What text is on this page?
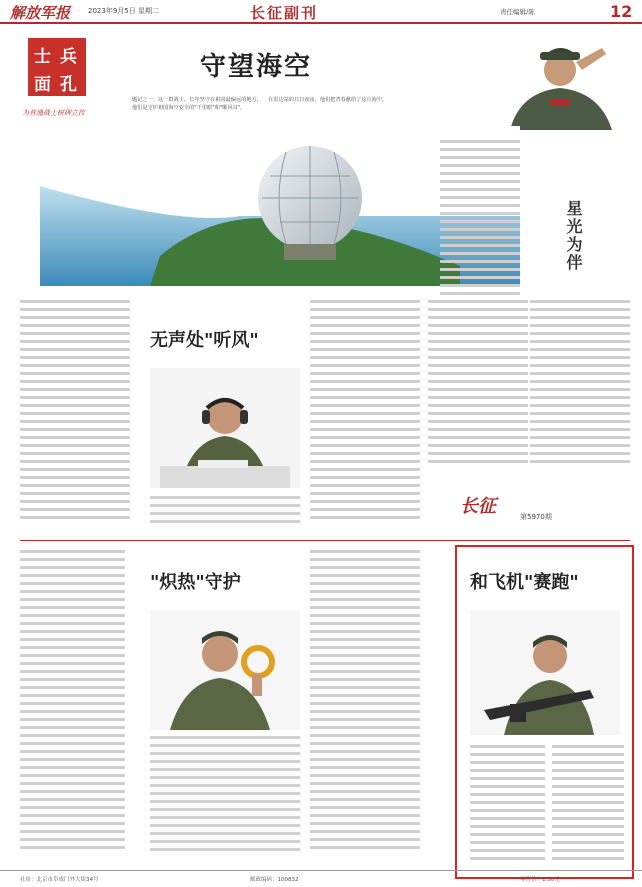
解放军报	2023年9月5日 星期二	长征副刊	责任编辑/陈	12
士 兵
面 孔
为普通战士树碑立传
守望海空
题记之一：这一群战士，长年坚守在祖国最偏远的地方，他们是守护祖国海空安全的"千里眼"和"顺风耳"。
在雷达站的日日夜夜，他们把青春献给了这片海空。
星光为伴
无声处"听风"
长征	第5970期
"炽热"守护	和飞机"赛跑"
社址：北京市阜成门外大街34号	邮政编码：100832	零售价：1.50元
